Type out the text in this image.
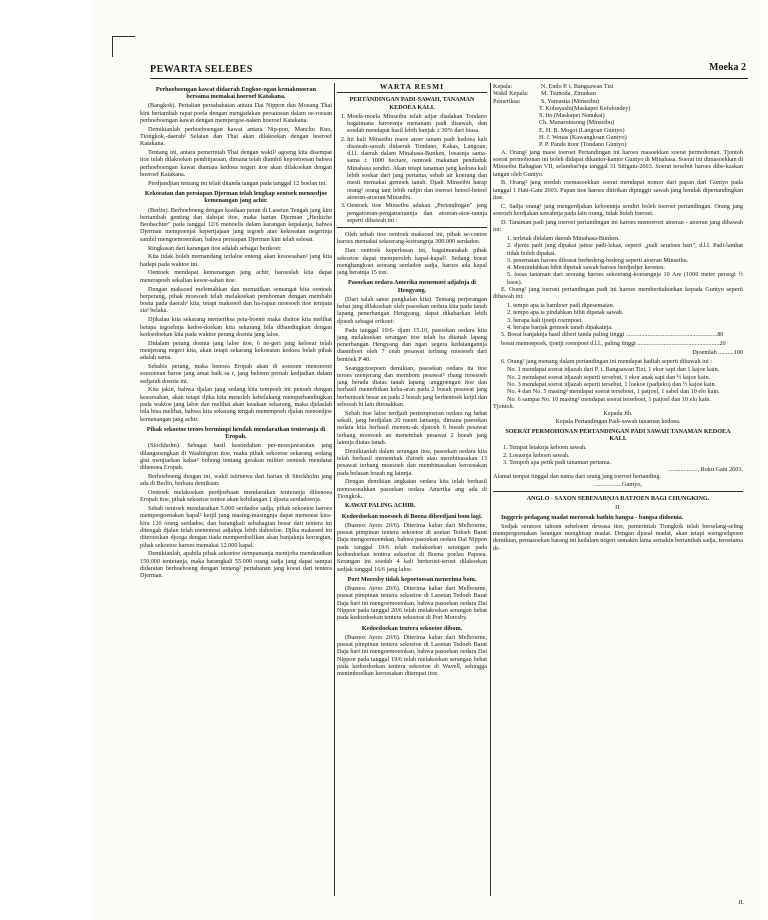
PEWARTA SELEBES	Moeka 2
Perhoeboengan kawat didaerah Engkoe-ngan kemakmoeran bersama memakai hoeroef Katakana.

(Bangkok). Pertalian persahabatan antara Dai Nippon dan Moeang Thai kini bertambah rapat poela dengan mengadakan persatoean dalam oe-roesan perhoeboengan kawat dengan mempergoe-naken hoeroef Katakana.

Demikianlah perhoeboengan kawat antara Nip-pon, Manchu Kuo, Tiongkok,-daerah² Selatan dan Thai akan dilakoekan dengan hoeroef Katakana.

Tentang ini, antara pemerintah Thai dengan wakil² agoeng kita disempat itoe telah dilakoeken pembitjaraan, dimana telah diambil kepoetoesan bahwa perhoeboengan kawat diantara kedoea negeri itoe akan dilakoekan dengan hoeroef Katakana.

Perdjandjian tentang ini telah ditanda tangan pada tanggal 12 boelan ini.

Kekoeatan dan persiapan Djerman telah lengkap oentoek menoedjoe kemenangan jang achir.

(Berlin). Berhoeboeng dengan keadaan peran di Laoetan Tengah jang kini bertambah genting dan dahsjat itoe, maka harian Djerman „Herkiche Beobachter" pada tanggal 12/6 menoelis dalam karangan kepalanja, bahwa Djerman mempoenjai kepertjajaan jang tegoeh atas kekoeatan negerinja sambil mengoemoemkan, bahwa persiapan Djerman kini telah selesai.

Ringkasan dari karangan itoe adalah sebagai berikoet:

Kita tidak boleh memandang terlaloe enteng akan kesoesahan² jang kita hadapi pada waktoe ini.

Oentoek mendapat kemenangan jang achir, haroeslah kita dapat menerapoeh sekalian kesoe-sahan itoe.

Dengan maksoed melemahkan dan mematikan semangat kita oentoek berperang, pihak moesoeh telah melakoekan pemboman dengan membabi boeta pada daerah² kita, tetapi maksoed dan ha-rapan moesoeh itoe ternjata sia² belaka.

Djikalau kita sekarang memeriksa peta-boemi maka disitoe kita melihat betapa tegoehnja kedoe-doekan kita sekarang bila dibandingkan dengan kedoedoekan kita pada waktoe perang doenia jang laloe.

Didalam perang doenia jang laloe itoe, 6 ne-geri jang keloear telah menjerang negeri kita, akan tetapi sekarang kekoeatan kedoea belah pihak adalah sama.

Sebabis perang, maka benoea Eropah akan di soesoen menoeroet soesoenan baroe jang amat baik sa r, jang beloem pernah kedjadian dalam sedjarah doenia ini.

Kita jakin, bahwa djalan jang sedang kita tempoeh ini penoeh dengan kesoesahan, akan tetapi djika kita menoleh kebelakang memperbandingkan pada waktoe jang laloe dan melihat akan keadaan sekarang, maka djelaslah bila bisa melihat, bahwa kita sekarang tengah menempoeh djalan menoedjoe kemenangan jang achir.

Pihak sekoetoe teroes bermimpi hendak mendaratkan tenteranja di Eropah.

(Stockholm). Sebagai hasil kesoedahan per-moesjawaratan jang dilangsoengkan di Washington itoe, maka pihak sekoetoe sekarang sedang giat menjiarkan kabar² bohong tentang gerakan militer oentoek mendarat dibenoea Eropah.

Berhoeboeng dengan ini, wakil istimewa dari harian di Stockholm jang ada di Berlin, berkata demikian:

Oentoek melakoekan perdjoebaan mendaratkan tenteranja dibenoea Eropah itoe, pihak sekoetoe tentoe akan kehilangan 1 djoeta serdadoenja.

Sebab oentoek mendaratkan 5.000 serdadoe sadja, pihak sekoetoe haroes mempergoenakan kapal² ketjil jang masing-masingnja dapat memoeat kira-kira 120 orang serdadoe, dan barangkali sebahagian besar dari tentera ini ditengah djalan telah menemoei adjalnja lebih dahoeloe. Djika maksoed ini diteroeskan djoega dengan tiada memperdoelikan akan banjaknja keroegian, pihak sekoetoe haroes memakai 12.000 kapal.

Demikianlah, apabila pihak sekoetoe oempamanja mentjoba mendaratkan 150.000 tenteranja, maka barangkali 55.000 orang sadja jang dapat sampai didaratan berhoeboeng dengan tenteng² pertahanan jang koeat dari tentera Djerman.

WARTA RESMI
PERTANDINGAN PADI-SAWAH, TANAMAN KEDOEA KALI.
1. Moela-moela Minseibu telah adjar diadakan Tondano bagaimana haroesnja menanam padi disawah, dan soedah mendapat hasil lebih banjak ± 30% dari biasa.
2. Ini kali Minseibu maoe atoer tanam padi kedoea kali disawah-sawah didaerah Tondano, Kakas, Langoan, d.l.l. daerah dalam Minahasa-Bunken, loeasnja sama-sama ± 1000 hectare, oentoek makanan penduduk Minahasa sendiri. Akan tetapi tanaman jang kedoea kali lebih soekar dari jang pertama, sebab air koerang dan mesti memakai gemoek tanah. Djadi Minseibu harap orang² orang tani lebih radjin dan toeroet betoel-betoel atoeran-atoeran Minseibu.
3. Oentoek itoe Minseibu adakan „Pertandingan" jang pengatoeran-pengatoerannja dan atoeran-atoe-rannja seperti dibawah ini :

Oleh sebab itoe oentoek maksoed ini, pihak se-coetoe haroes memakai sekoerang-koerangnja 300.000 serdadoe.

Dan oentoek keperloean ini, bagaimanakah pihak sekoetoe dapat memperoleh kapal-kapal². Sedang boeat menghangkoet seorang serdadoe sadja, haroes ada kapal jang beratnja 15 ton.

Pasoekan oedara Amerika menemoei adjalnja di Hengyang.

(Dari salah satoe pangkalan kita). Tentang perjerangan hebat jang dilakoekan oleh pasoekan oedara kita pada tanah lapang penerbangan Hengyang, dapat dikabarkan lebih djoeeh sebagai erikoet:

Pada tanggal 10/6- djam 15.10, pasoekan oedara kita jang melakoekan serangan itoe telah ba ditanah lapang penerbangan Hengyang dan ngan segera kedatangannja diasmboet oleh 7 ceah pesawat terbang moesoeh dari bentoek P 40.

Seanggotoepoen demikian, pasoekan oedara ita itoe teroes menjerang dan membom pesawat² rbang moesoeh jang berada diatas tanah lapang :anggoengan itoe dan berhasil menerbikan keba-aran pada 2 boeah pesawat jang berbentoek besar an pada 2 boeah jang berbentoek ketjil dan seboeah bi lain dirosakkan.

Sebab itoe laloe terdjadi pertempoeran oedara ng hebat sekali, jang berdjalan 20 menit lamanja, dimana pasoekan oedara kita berhasil menem-ak djatoeh 6 boeah pesawat terbang moesoeh an menembak pesawat 2 boeah jang lainnja diatas tanah.

Demikianlah dalam serangan itoe, pasoekan oedara kita telah berhasil menembak d'atoeh atau membinasakan 13 pesawat terbang moesoeh dan membinasakan keroesakan pada belasan boeah ng lainnja.

Dengan demikian angkatan oedara kita telah berhasil memoesnahkan pasoekan oedara Amerika ang ada di Tiongkok.

KAWAT PALING ACHIR.
Kedoedoekan moesoeh di Boena dibeedjani bom lagi.

(Buenos Ayres 20/6). Diterima kabar dari Melbourne, poesat pimpinan tentera sekoetoe di aoetan Tedoeh Barat Daja mengoemoemkan, bahwa pasoekan oedara Dai Nippon pada tanggal 19/6 telah melakoekan serangan pada kedoedoekan tentera sekoetoe di Boena poelau Papoea. Serangan ini soedah 4 kali berteroet-teroet dilakoekan sedjak tanggal 16/6 jang laloe.

Port Moresby tidak kepoetoesan menerima bom.

(Buenos Ayres 20/6). Diterima kabar dari Melbourne, poesat pimpinan tentera sekoetoe di Laoetan Tedoeh Barat Daja hari ini mengoemoemkan, bahwa pasoekan oedara Dai Nippon pada tanggal 20/6 telah melakoekan serangan hebat pada kedoedoekan tentera sekoetoe di Port Moresby.

Kedoedoekan tentera sekoetoe dibom.

(Buenos Ayres 20/6). Diterima kabar dari Melbourne, poesat pimpinan tentera sekoetoe di Laoetan Tedoeh Barat Daja hari ini mengoemoemkan, bahwa pasoekan oedara Dai Nippon pada tanggal 19/6 telah melakoekan serangan hebat pada kedoedoekan tentera sekoetoe di Wavell, sehingga menimboelkan keroesakan ditempat itoe.

Kepala:	N. Endo P. t. Bangsawan Tizi
Wakil Kepala:	M. Tsunoda, Zimukan
Pemeriksa:	S. Yamasita (Minseibu)
T. Kobayashi(Maskapei Kefelondey)
S. Ito (Maskapei Nanukai)
Ch. Manaroinsong (Minseibu)
E. H. B. Mogot (Langoan Guntyo)
H. J. Wenas (Kawangkoan Guntyo)
P. P. Pande itoor (Tondano Guntyo)

A. Orang² jang maoe toeroet Pertandingan ini haroes masoekkan soerat permohonan. Tjontoh soerat permohonan ini boleh didapat dikantor-kantor Guntyo di Minahasa. Soerat ini dimasoekkan di Minseibu Bahagian VII, selambat²nja tanggal 31 Sitigatu-2603. Soerat tersebut haroes dibe-kaskan tangan oleh Guntyo.

B. Orang² jang soedah memasoekkan soerat mendapat nomor dari papan dari Guntyo pada tanggal 1 Hati-Gatu 2603. Papan itoe haroes ditirikan dipinggir sawah jang hendak dipertandingkan itoe.

C. Sadja orang² jang mengerdjakan keboennja sendiri boleh toeroet pertandingan. Orang jang soeroeh kerdjakan sawahnja pada lain orang, tidak boleh toeroet.

D. Tanaman padi jang toeroet pertandingan ini haroes menoeroet atoeran - atoeran jang dibawah ini:

1. terletak didalam daerah Minahasa-Bunken.
2. djenis padi jang dipakai jaitoe padi-lekas, seperti „padi seratoes hari", d.l.l. Padi-lambat tidak boleh dipakai.
3. pesemaian haroes diboeat berbedeng-bedeng seperti atoeran Minseibu.
4. Memindahkan bibit dipetak sawah haroes berdjedjer kerenes.
5. loeas tanaman dari seorang haroes sekoerang-koerangnja 10 Are (1000 meter persegi ½ baoe).

E. Orang² jang toeroet pertandingan padi ini haroes memberitahoekan kepada Guntyo seperti dibawah ini:

1. tempo apa ia hamboer padi dipesemaian.
2. tempo apa ia pindahkan bibit dipetak sawah.
3. berapa kali tjoetji roempoet.
4. berapa banjak gemoek tanah dipakainja.

5. Boeat banjaknja hasil diberi tanda paling tinggi ...........................................................80

boeat memoepoek, tjoetji roempoet d.l.l., paling tinggi .....................................................20

Djoemlah ..........100

6. Orang² jang menang dalam pertandingan ini mendapat hadiah seperti dibawah ini :

No. 1 mendapat soerat idjazah dari P. t. Bangsawan Tizi, 1 ekor sapi dan 1 kajoe kain.
No. 2 mendapat soerat idjazah seperti tersebut, 1 ekor anak sapi dan ½ kajoe kain.
No. 3 mendapat soerat idjazah seperti tersebut, 1 loekoe (padjeko) dan ½ kajoe kain.
No. 4 dan No. 5 masing² mendapat soerat terseboet, 1 patjoel, 1 sabel dan 10 elo kain.
No. 6 sampai No. 10 masing² mendapat soerat terseboet, 1 patjoel dan 10 elo kain.
Tjontoh.
Kepada Jth.
Kepala Pertandingan Padi-sawah tanaman kedoea.
SOERAT PERMOHONAN PERTANDINGAN PADI SAWAH TANAMAN KEDOEA KALI.
1. Tempat letaknja keboen sawah.
2. Loeasnja keboen sawah.
3. Tempoh apa petik padi tanaman pertama.
..................., Roku Gatu 2603.
Alamat tempat tinggal dan nama dari orang jang toeroet bertanding.
..................Guntyo,
ANGLO - SAXON SEBENARNJA RATJOEN BAGI CHUNGKING.
II.
Inggeris pedagang madat meroesak bathin bangsa - bangsa didoenia.

Sedjak seratoes tahoen sebeloem dewasa itoe, pemerintah Tiongkok telah berselang-seling mempergoenakan larangan menghisap madat. Dengan djoeal madat, akan tetapi soengoehpoen demikian, pemasoekan barang ini kedalam negeri semakin lama semakin bertambah sadja, teroetama di-

II.
